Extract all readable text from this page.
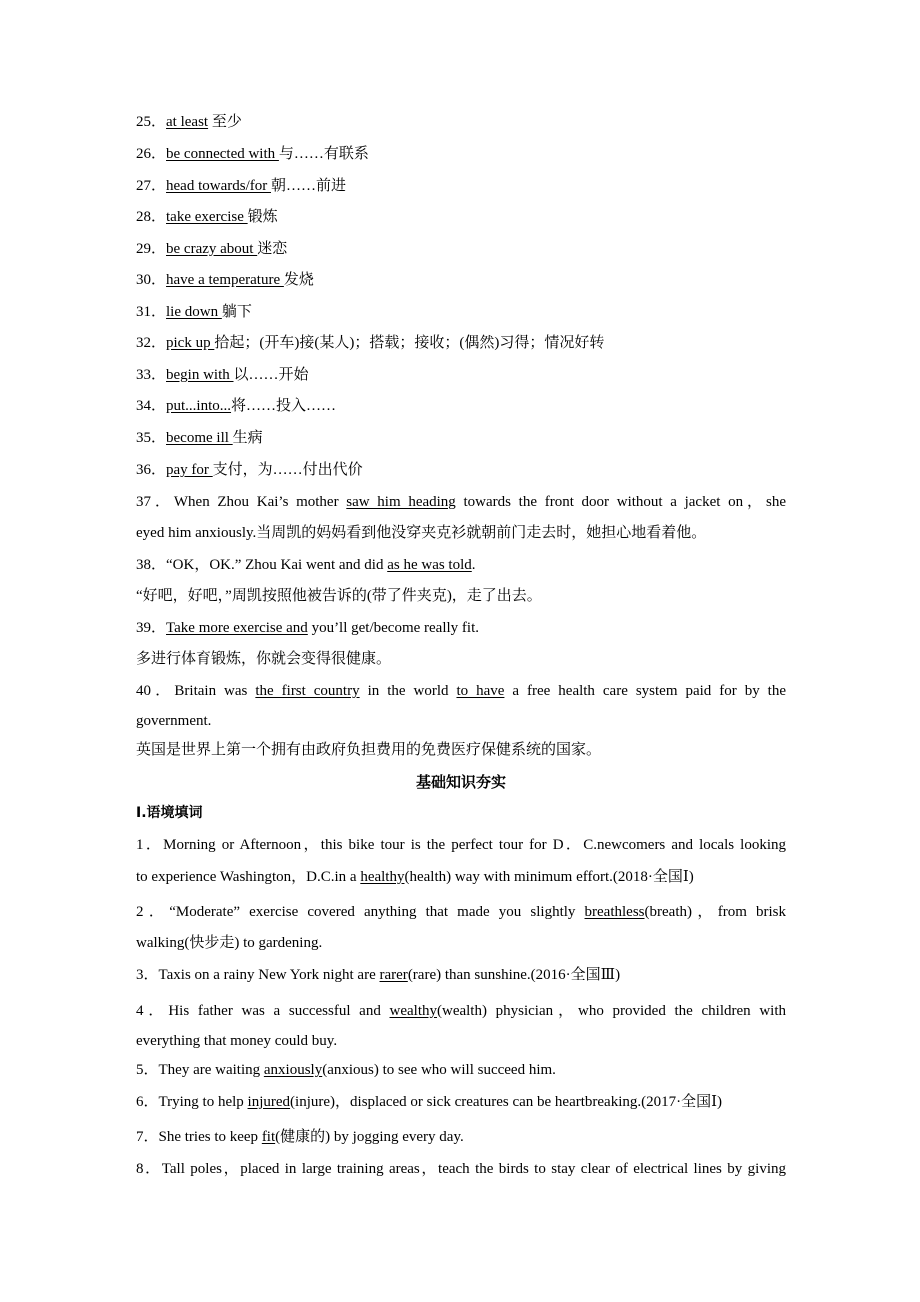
25．at least 至少
26．be connected with 与……有联系
27．head towards/for 朝……前进
28．take exercise 锻炼
29．be crazy about 迷恋
30．have a temperature 发烧
31．lie down 躺下
32．pick up 拾起；(开车)接(某人)；搭载；接收；(偶然)习得；情况好转
33．begin with 以……开始
34．put...into...将……投入……
35．become ill 生病
36．pay for 支付，为……付出代价
37．When Zhou Kai’s mother saw him heading towards the front door without a jacket on，she
eyed him anxiously.当周凯的妈妈看到他没穿夹克衫就朝前门走去时，她担心地看着他。
38．“OK，OK.” Zhou Kai went and did as he was told.
“好吧，好吧，”周凯按照他被告诉的(带了件夹克)，走了出去。
39．Take more exercise and you’ll get/become really fit.
多进行体育锻炼，你就会变得很健康。
40．Britain was the first country in the world to have a free health care system paid for by the
government.
英国是世界上第一个拥有由政府负担费用的免费医疗保健系统的国家。
基础知识夯实
Ⅰ.语境填词
1．Morning or Afternoon，this bike tour is the perfect tour for D．C.newcomers and locals looking
to experience Washington，D.C.in a healthy(health) way with minimum effort.(2018·全国Ⅰ)
2．“Moderate” exercise covered anything that made you slightly breathless(breath)，from brisk
walking(快步走) to gardening.
3．Taxis on a rainy New York night are rarer(rare) than sunshine.(2016·全国Ⅲ)
4．His father was a successful and wealthy(wealth) physician，who provided the children with
everything that money could buy.
5．They are waiting anxiously(anxious) to see who will succeed him.
6．Trying to help injured(injure)，displaced or sick creatures can be heartbreaking.(2017·全国Ⅰ)
7．She tries to keep fit(健康的) by jogging every day.
8．Tall poles，placed in large training areas，teach the birds to stay clear of electrical lines by giving
